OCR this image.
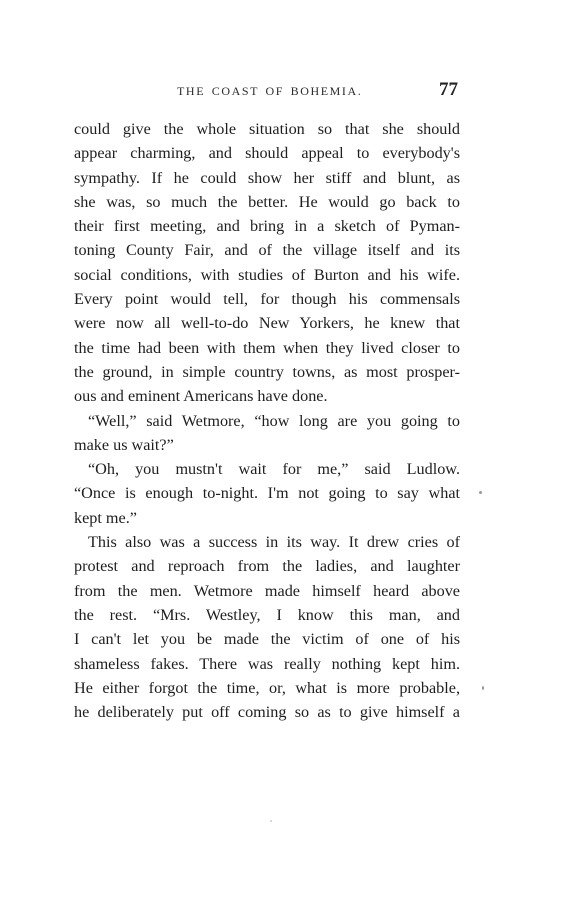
THE COAST OF BOHEMIA.	77
could give the whole situation so that she should
appear charming, and should appeal to everybody's
sympathy. If he could show her stiff and blunt, as
she was, so much the better. He would go back to
their first meeting, and bring in a sketch of Pyman-
toning County Fair, and of the village itself and its
social conditions, with studies of Burton and his wife.
Every point would tell, for though his commensals
were now all well-to-do New Yorkers, he knew that
the time had been with them when they lived closer to
the ground, in simple country towns, as most prosper-
ous and eminent Americans have done.
“Well,” said Wetmore, “how long are you going to
make us wait?”
“Oh, you mustn't wait for me,” said Ludlow.
“Once is enough to-night. I'm not going to say what
kept me.”
This also was a success in its way. It drew cries of
protest and reproach from the ladies, and laughter
from the men. Wetmore made himself heard above
the rest. “Mrs. Westley, I know this man, and
I can't let you be made the victim of one of his
shameless fakes. There was really nothing kept him.
He either forgot the time, or, what is more probable,
he deliberately put off coming so as to give himself a
